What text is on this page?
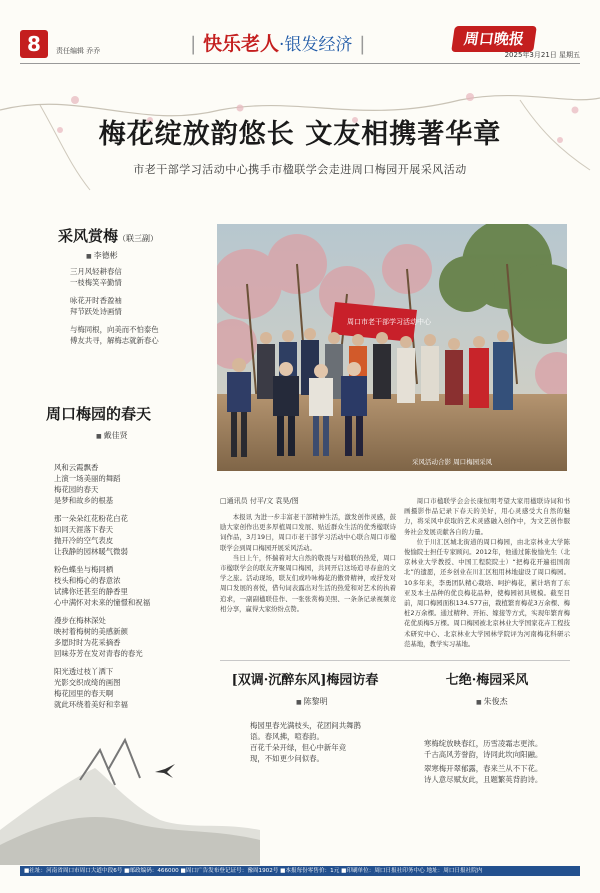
8	责任编辑 乔乔	| 快乐老人·银发经济 |	周口晚报
2025年3月21日 星期五
梅花绽放韵悠长 文友相携著华章
市老干部学习活动中心携手市楹联学会走进周口梅园开展采风活动
采风赏梅（联三副）
■ 李德彬
三月风轻耕春信
一枝梅笑辛勤情
咏花开时香盈袖
拜节跃处诗画情
与梅同根，向美而不怕泰色
傅友共寻，解梅志就新春心
周口梅园的春天
■ 戴佳贤
风和云霞飘香
上演一场美丽的舞蹈
梅花园的春天
是梦和故乡的根基
那一朵朵红花粉花白花
如同天涯落下春天
抛开冷的空气表皮
让我静的园林暖气微弱
粉色蝶坐与梅同栖
枝头和梅心的春意浓
试拂你还甚至的静香里
心中满怀对未来的憧憬和祝福
漫步在梅林深处
映衬着梅树的美感新颜
多愿时时为花采摘香
回味芬芳在发对青春的春光
阳光透过枝丫洒下
光影交织成绮的画图
梅花园里的春天啊
就此环绕着美好和幸福
周口市老干部学习活动中心
采风活动合影 周口梅园采风
□通讯员 付平/文 袁昊/图

本报讯 为进一步丰富老干部精神生活，激发创作灵感，鼓励大家创作出更多厚植周口发展、贴近群众生活的优秀楹联诗词作品，3月19日，周口市老干部学习活动中心联合周口市楹联学会到周口梅园开展采风活动。

当日上午，怀揣着对大自然的敬畏与对楹联的热爱，周口市楹联学会的联友齐聚周口梅园，共同开启这场追寻春意的文学之旅。活动现场，联友们或吟咏梅花的傲骨精神，或抒发对周口发展的喜悦，借句词表露出对生活的热爱和对艺术的执着追求，一副副楹联佳作、一张张赏梅美照、一条条记录视频竞相分享，赢得大家纷纷点赞。

周口市楹联学会会长康恒明考望大家用楹联诗词和书画摄影作品记录下春天的美好，用心灵感受大自然的魅力，将采风中获取的艺术灵感融入创作中，为文艺创作服务社会发展贡献各自的力量。

位于川汇区城北街道的周口梅园，由北京林业大学陈俊愉院士担任专家顾问。2012年，他通过陈俊愉先生（北京林业大学教授、中国工程院院士）“把梅花开遍祖国南北”的遗愿，还乡创业在川汇区租用林地建设了周口梅园。10多年来，李勇团队精心栽培、呵护梅花，累计培育了东亚及本土品种的优良梅花品种，使梅园初具规模。截至目前，周口梅园面积134.577亩，栽植繁育梅花3万余棵、梅桩2万余棵。通过精种、开拓、嫁接等方式，实现年繁育梅花优质梅5万棵。周口梅园被北京林业大学国家花卉工程技术研究中心、北京林业大学园林学院评为河南梅花科研示范基地，教学实习基地。

[双调·沉醉东风]梅园访春
■ 陈黎明
梅园里春光满枝头，花团间共舞鹊
语。春风拂，喧春韵。
百花千朵开绿，但心中新年竞
现，不如更少问似春。
七绝·梅园采风
■ 朱俊杰
寒梅绽放映春红，历雪凌霜志更浓。
千古高风芳誉韵，诗同此坎向阳融。
翠寒梅开翠郁露，春来兰从不下花。
诗人意尽赋友此，且题繁英背韵诗。
■社址：河南省周口市周口大道中段6号 ■邮政编码：466000 ■周口广告发布登记证号：豫周1902号 ■本报每份零售价：1元 ■印刷单位：周口日报社印务中心 地址：周口日报社院内
